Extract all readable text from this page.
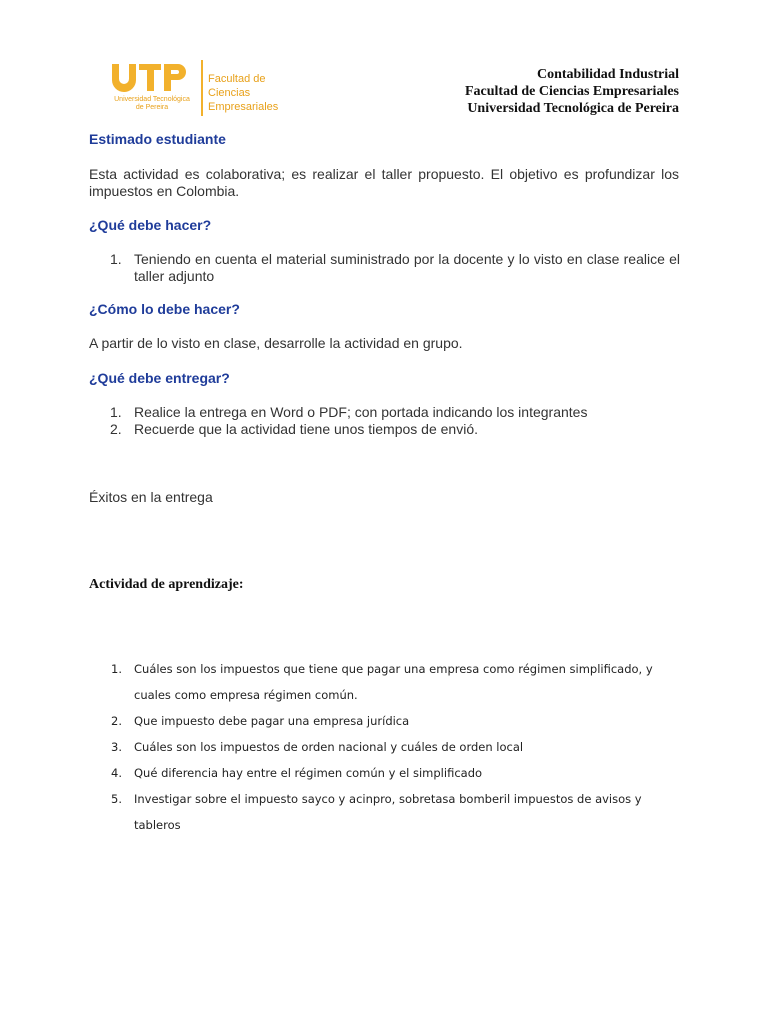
Universidad Tecnológica de Pereira
Facultad de Ciencias
Empresariales
Contabilidad Industrial
Facultad de Ciencias Empresariales
Universidad Tecnológica de Pereira
Estimado estudiante
Esta actividad es colaborativa; es realizar el taller propuesto. El objetivo es profundizar los impuestos en Colombia.
¿Qué debe hacer?
1. Teniendo en cuenta el material suministrado por la docente y lo visto en clase realice el taller adjunto
¿Cómo lo debe hacer?
A partir de lo visto en clase, desarrolle la actividad en grupo.
¿Qué debe entregar?
1. Realice la entrega en Word o PDF; con portada indicando los integrantes
2. Recuerde que la actividad tiene unos tiempos de envió.
Éxitos en la entrega
Actividad de aprendizaje:
1. Cuáles son los impuestos que tiene que pagar una empresa como régimen simplificado, y cuales como empresa régimen común.
2. Que impuesto debe pagar una empresa jurídica
3. Cuáles son los impuestos de orden nacional y cuáles de orden local
4. Qué diferencia hay entre el régimen común y el simplificado
5. Investigar sobre el impuesto sayco y acinpro, sobretasa bomberil impuestos de avisos y tableros
